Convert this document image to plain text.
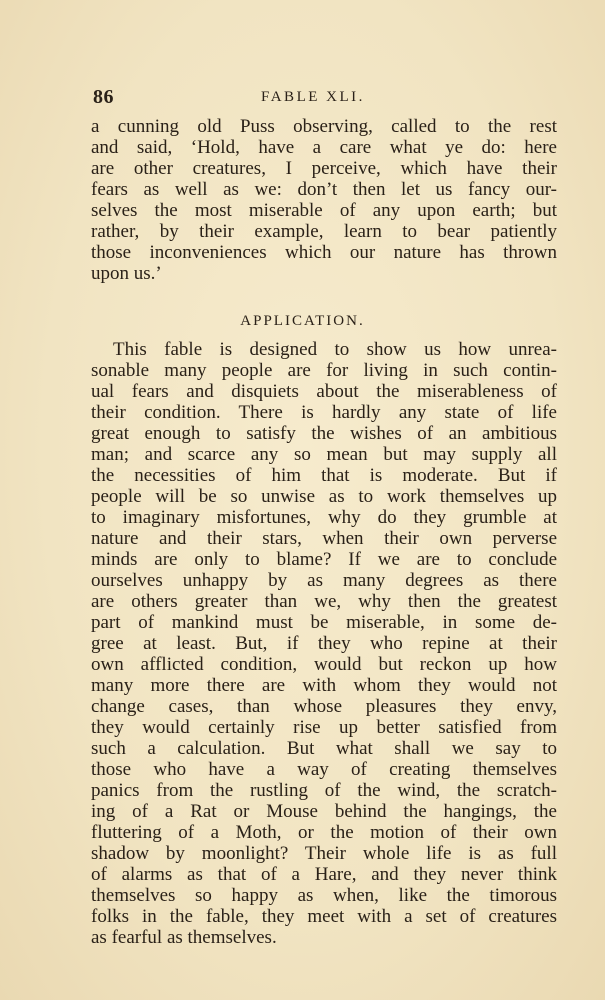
86	FABLE XLI.
a cunning old Puss observing, called to the rest
and said, ‘Hold, have a care what ye do: here
are other creatures, I perceive, which have their
fears as well as we: don’t then let us fancy our-
selves the most miserable of any upon earth; but
rather, by their example, learn to bear patiently
those inconveniences which our nature has thrown
upon us.’
APPLICATION.
This fable is designed to show us how unrea-
sonable many people are for living in such contin-
ual fears and disquiets about the miserableness of
their condition. There is hardly any state of life
great enough to satisfy the wishes of an ambitious
man; and scarce any so mean but may supply all
the necessities of him that is moderate. But if
people will be so unwise as to work themselves up
to imaginary misfortunes, why do they grumble at
nature and their stars, when their own perverse
minds are only to blame? If we are to conclude
ourselves unhappy by as many degrees as there
are others greater than we, why then the greatest
part of mankind must be miserable, in some de-
gree at least. But, if they who repine at their
own afflicted condition, would but reckon up how
many more there are with whom they would not
change cases, than whose pleasures they envy,
they would certainly rise up better satisfied from
such a calculation. But what shall we say to
those who have a way of creating themselves
panics from the rustling of the wind, the scratch-
ing of a Rat or Mouse behind the hangings, the
fluttering of a Moth, or the motion of their own
shadow by moonlight? Their whole life is as full
of alarms as that of a Hare, and they never think
themselves so happy as when, like the timorous
folks in the fable, they meet with a set of creatures
as fearful as themselves.
